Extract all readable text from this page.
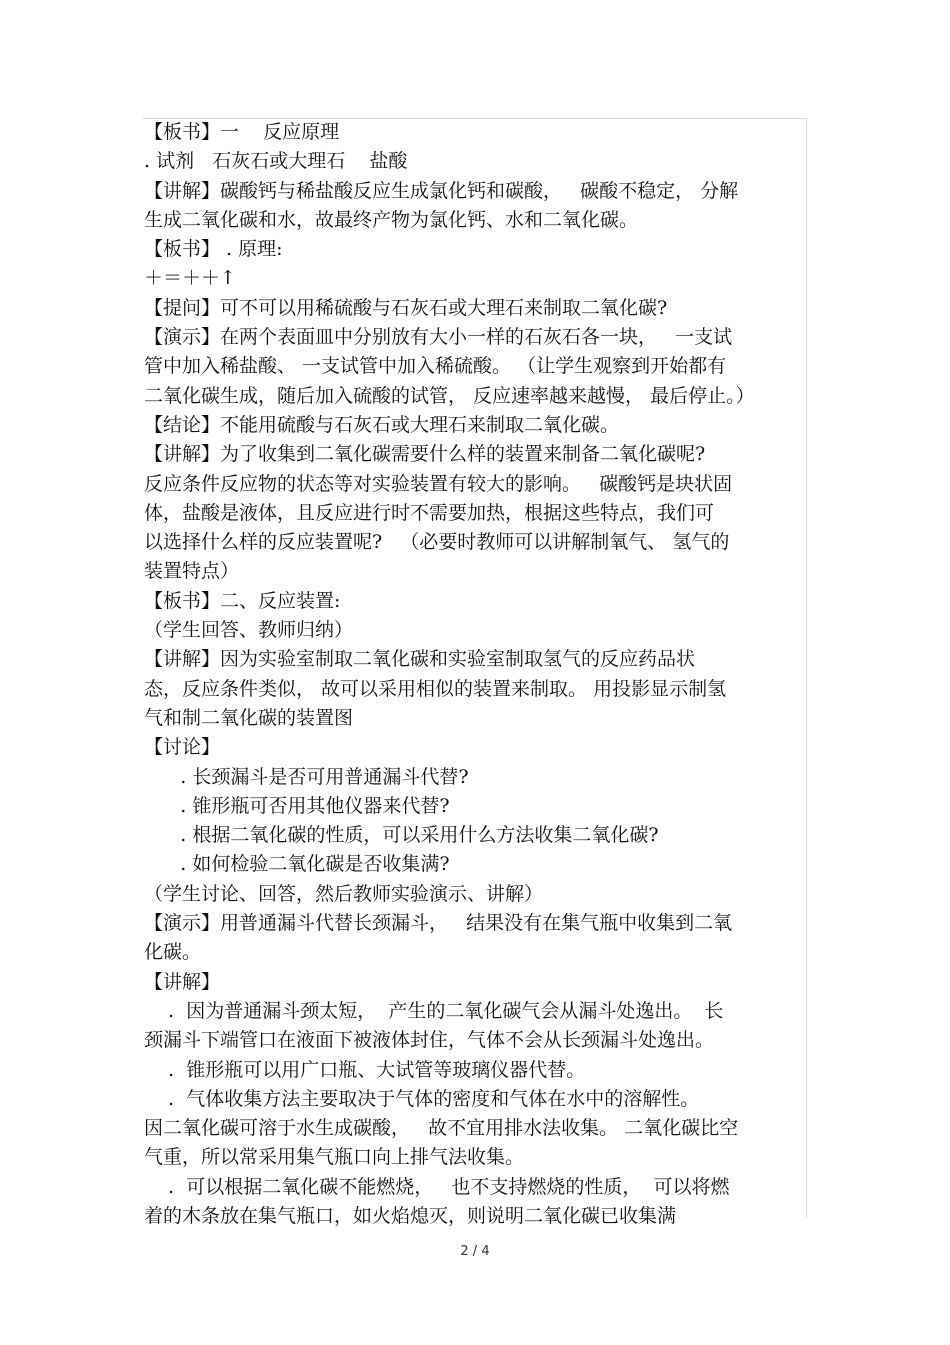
【板书】一    反应原理
. 试剂   石灰石或大理石    盐酸
【讲解】碳酸钙与稀盐酸反应生成氯化钙和碳酸，   碳酸不稳定， 分解
生成二氧化碳和水，故最终产物为氯化钙、水和二氧化碳。
【板书】 . 原理:
＋＝＋＋↑
【提问】可不可以用稀硫酸与石灰石或大理石来制取二氧化碳?
【演示】在两个表面皿中分别放有大小一样的石灰石各一块，   一支试
管中加入稀盐酸、 一支试管中加入稀硫酸。 （让学生观察到开始都有
二氧化碳生成，随后加入硫酸的试管， 反应速率越来越慢， 最后停止。）
【结论】不能用硫酸与石灰石或大理石来制取二氧化碳。
【讲解】为了收集到二氧化碳需要什么样的装置来制备二氧化碳呢?
反应条件反应物的状态等对实验装置有较大的影响。   碳酸钙是块状固
体，盐酸是液体，且反应进行时不需要加热，根据这些特点，我们可
以选择什么样的反应装置呢?   （必要时教师可以讲解制氧气、 氢气的
装置特点）
【板书】二、反应装置:
（学生回答、教师归纳）
【讲解】因为实验室制取二氧化碳和实验室制取氢气的反应药品状
态，反应条件类似， 故可以采用相似的装置来制取。 用投影显示制氢
气和制二氧化碳的装置图
【讨论】
. 长颈漏斗是否可用普通漏斗代替?
. 锥形瓶可否用其他仪器来代替?
. 根据二氧化碳的性质，可以采用什么方法收集二氧化碳?
. 如何检验二氧化碳是否收集满?
（学生讨论、回答，然后教师实验演示、讲解）
【演示】用普通漏斗代替长颈漏斗，   结果没有在集气瓶中收集到二氧
化碳。
【讲解】
.  因为普通漏斗颈太短，  产生的二氧化碳气会从漏斗处逸出。  长
颈漏斗下端管口在液面下被液体封住，气体不会从长颈漏斗处逸出。
.  锥形瓶可以用广口瓶、大试管等玻璃仪器代替。
.  气体收集方法主要取决于气体的密度和气体在水中的溶解性。
因二氧化碳可溶于水生成碳酸，   故不宜用排水法收集。 二氧化碳比空
气重，所以常采用集气瓶口向上排气法收集。
.  可以根据二氧化碳不能燃烧，   也不支持燃烧的性质，  可以将燃
着的木条放在集气瓶口，如火焰熄灭，则说明二氧化碳已收集满
2 / 4
